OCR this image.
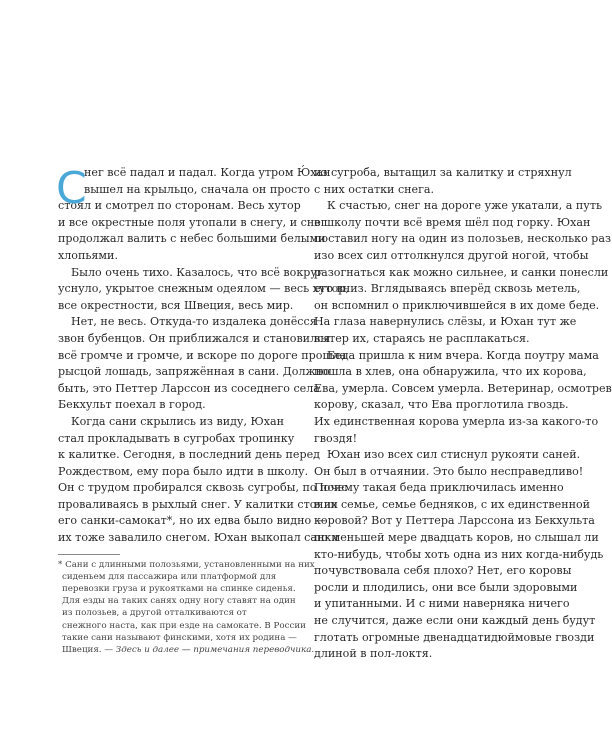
С
нег всё падал и падал. Когда утром Ю́хан
вышел на крыльцо, сначала он просто
стоял и смотрел по сторонам. Весь хутор
и все окрестные поля утопали в снегу, и снег
продолжал валить с небес большими белыми
хлопьями.
Было очень тихо. Казалось, что всё вокруг
уснуло, укрытое снежным одеялом — весь хутор,
все окрестности, вся Швеция, весь мир.
Нет, не весь. Откуда-то издалека донёсся
звон бубенцов. Он приближался и становился
всё громче и громче, и вскоре по дороге прошла
рысцой лошадь, запряжённая в сани. Должно
быть, это Петтер Ларссон из соседнего села
Бекхульт поехал в город.
Когда сани скрылись из виду, Юхан
стал прокладывать в сугробах тропинку
к калитке. Сегодня, в последний день перед
Рождеством, ему пора было идти в школу.
Он с трудом пробирался сквозь сугробы, по пояс
проваливаясь в рыхлый снег. У калитки стояли
его санки-самокат*, но их едва было видно —
их тоже завалило снегом. Юхан выкопал санки
* Сани с длинными полозьями, установленными на них
сиденьем для пассажира или платформой для
перевозки груза и рукоятками на спинке сиденья.
Для езды на таких санях одну ногу ставят на один
из полозьев, а другой отталкиваются от
снежного наста, как при езде на самокате. В России
такие сани называют финскими, хотя их родина —
Швеция. — Здесь и далее — примечания переводчика.
из сугроба, вытащил за калитку и стряхнул
с них остатки снега.
К счастью, снег на дороге уже укатали, а путь
в школу почти всё время шёл под горку. Юхан
поставил ногу на один из полозьев, несколько раз
изо всех сил оттолкнулся другой ногой, чтобы
разогнаться как можно сильнее, и санки понесли
его вниз. Вглядываясь вперёд сквозь метель,
он вспомнил о приключившейся в их доме беде.
На глаза навернулись слёзы, и Юхан тут же
вытер их, стараясь не расплакаться.
Беда пришла к ним вчера. Когда поутру мама
пошла в хлев, она обнаружила, что их корова,
Ева, умерла. Совсем умерла. Ветеринар, осмотрев
корову, сказал, что Ева проглотила гвоздь.
Их единственная корова умерла из-за какого-то
гвоздя!
Юхан изо всех сил стиснул рукояти саней.
Он был в отчаянии. Это было несправедливо!
Почему такая беда приключилась именно
в их семье, семье бедняков, с их единственной
коровой? Вот у Петтера Ларссона из Бекхульта
по меньшей мере двадцать коров, но слышал ли
кто-нибудь, чтобы хоть одна из них когда-нибудь
почувствовала себя плохо? Нет, его коровы
росли и плодились, они все были здоровыми
и упитанными. И с ними наверняка ничего
не случится, даже если они каждый день будут
глотать огромные двенадцатидюймовые гвозди
длиной в пол-локтя.
